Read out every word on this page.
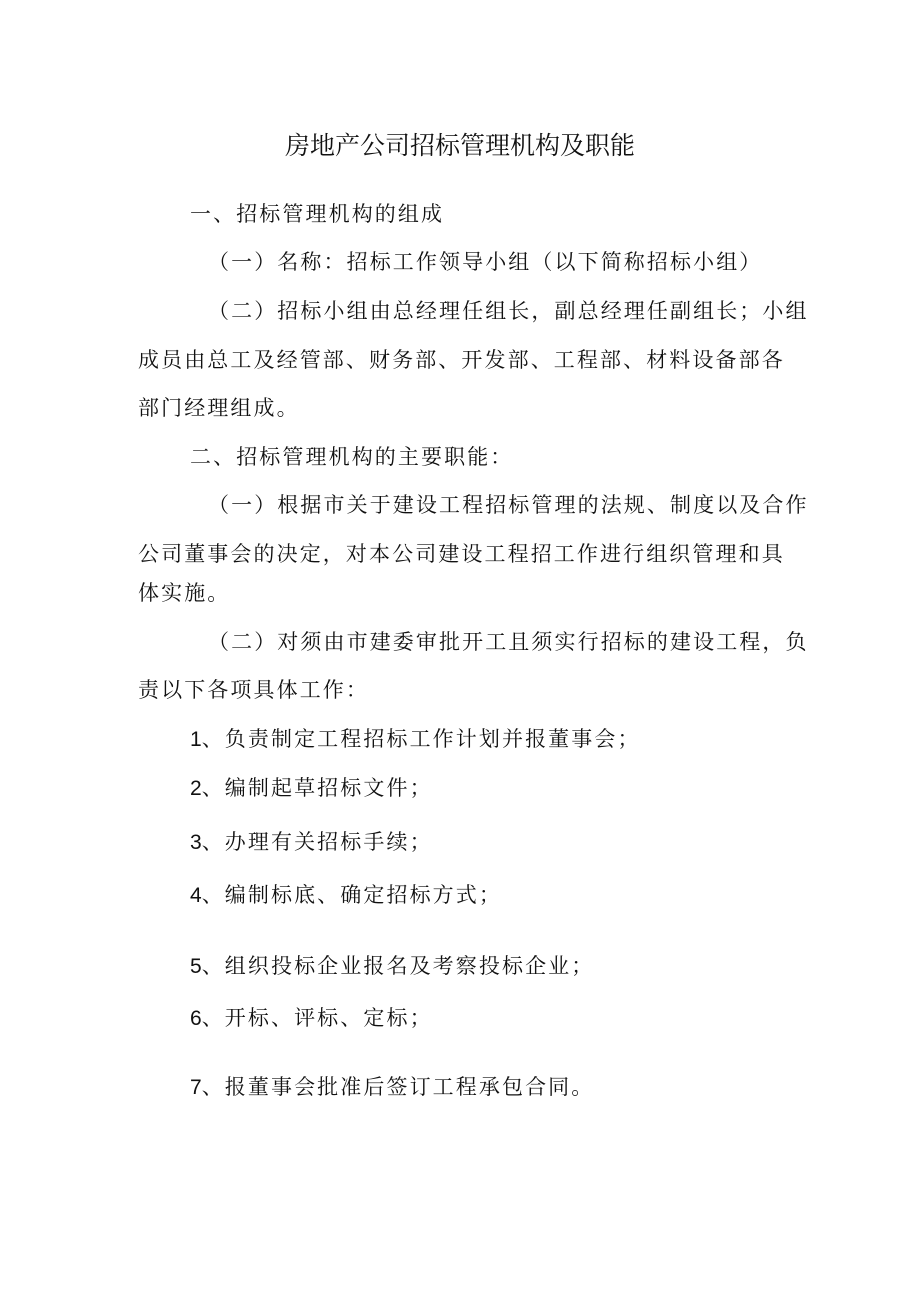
房地产公司招标管理机构及职能

一、招标管理机构的组成

（一）名称：招标工作领导小组（以下简称招标小组）

（二）招标小组由总经理任组长，副总经理任副组长；小组

成员由总工及经管部、财务部、开发部、工程部、材料设备部各

部门经理组成。

二、招标管理机构的主要职能：

（一）根据市关于建设工程招标管理的法规、制度以及合作

公司董事会的决定，对本公司建设工程招工作进行组织管理和具

体实施。

（二）对须由市建委审批开工且须实行招标的建设工程，负

责以下各项具体工作：

1、负责制定工程招标工作计划并报董事会；

2、编制起草招标文件；

3、办理有关招标手续；

4、编制标底、确定招标方式；

5、组织投标企业报名及考察投标企业；

6、开标、评标、定标；

7、报董事会批准后签订工程承包合同。
